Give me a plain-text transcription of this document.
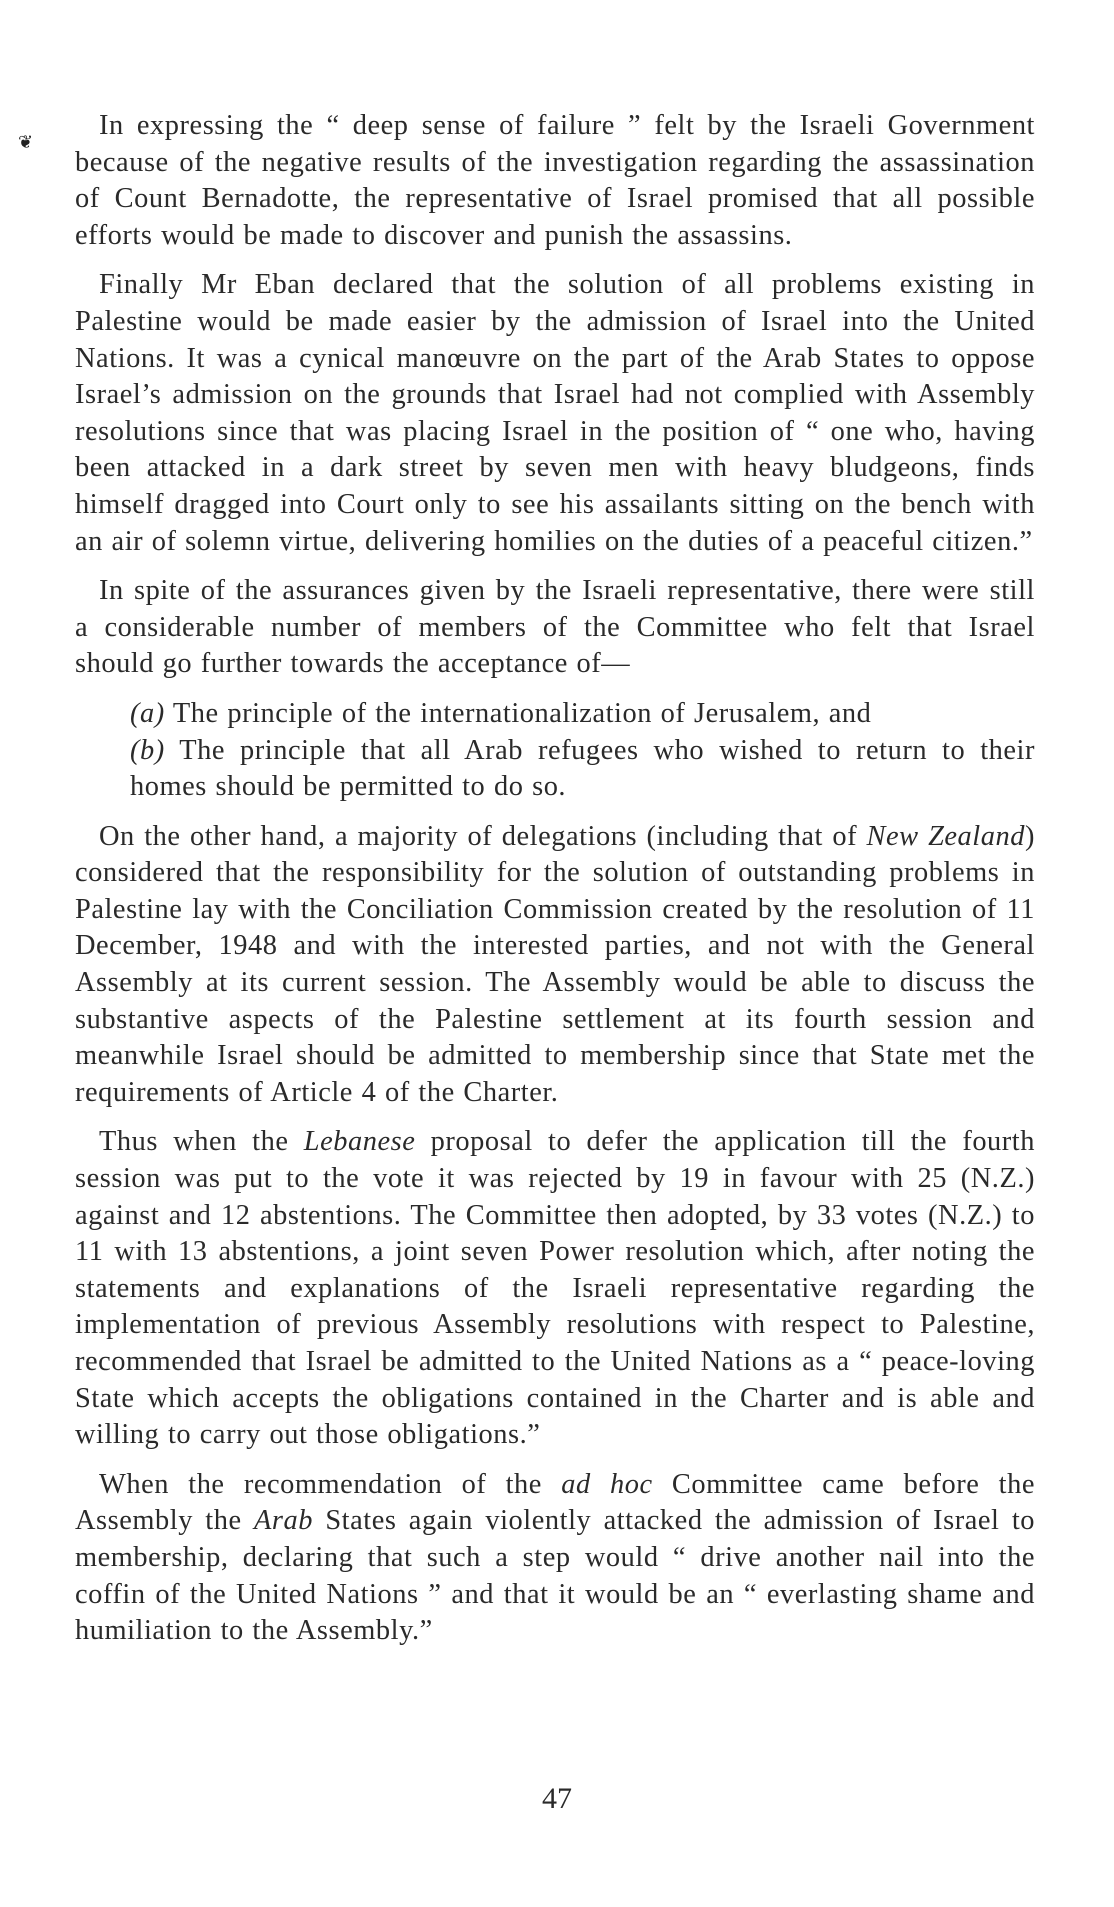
❦

In expressing the “ deep sense of failure ” felt by the Israeli Government because of the negative results of the investigation regarding the assassination of Count Bernadotte, the representative of Israel promised that all possible efforts would be made to discover and punish the assassins.

Finally Mr Eban declared that the solution of all problems existing in Palestine would be made easier by the admission of Israel into the United Nations. It was a cynical manœuvre on the part of the Arab States to oppose Israel’s admission on the grounds that Israel had not complied with Assembly resolutions since that was placing Israel in the position of “ one who, having been attacked in a dark street by seven men with heavy bludgeons, finds himself dragged into Court only to see his assailants sitting on the bench with an air of solemn virtue, delivering homilies on the duties of a peaceful citizen.”

In spite of the assurances given by the Israeli representative, there were still a considerable number of members of the Committee who felt that Israel should go further towards the acceptance of—

(a) The principle of the internationalization of Jerusalem, and

(b) The principle that all Arab refugees who wished to return to their homes should be permitted to do so.

On the other hand, a majority of delegations (including that of New Zealand) considered that the responsibility for the solution of outstanding problems in Palestine lay with the Conciliation Commission created by the resolution of 11 December, 1948 and with the interested parties, and not with the General Assembly at its current session. The Assembly would be able to discuss the substantive aspects of the Palestine settlement at its fourth session and meanwhile Israel should be admitted to membership since that State met the requirements of Article 4 of the Charter.

Thus when the Lebanese proposal to defer the application till the fourth session was put to the vote it was rejected by 19 in favour with 25 (N.Z.) against and 12 abstentions. The Committee then adopted, by 33 votes (N.Z.) to 11 with 13 abstentions, a joint seven Power resolution which, after noting the statements and explanations of the Israeli representative regarding the implementation of previous Assembly resolutions with respect to Palestine, recommended that Israel be admitted to the United Nations as a “ peace-loving State which accepts the obligations contained in the Charter and is able and willing to carry out those obligations.”

When the recommendation of the ad hoc Committee came before the Assembly the Arab States again violently attacked the admission of Israel to membership, declaring that such a step would “ drive another nail into the coffin of the United Nations ” and that it would be an “ everlasting shame and humiliation to the Assembly.”

47
